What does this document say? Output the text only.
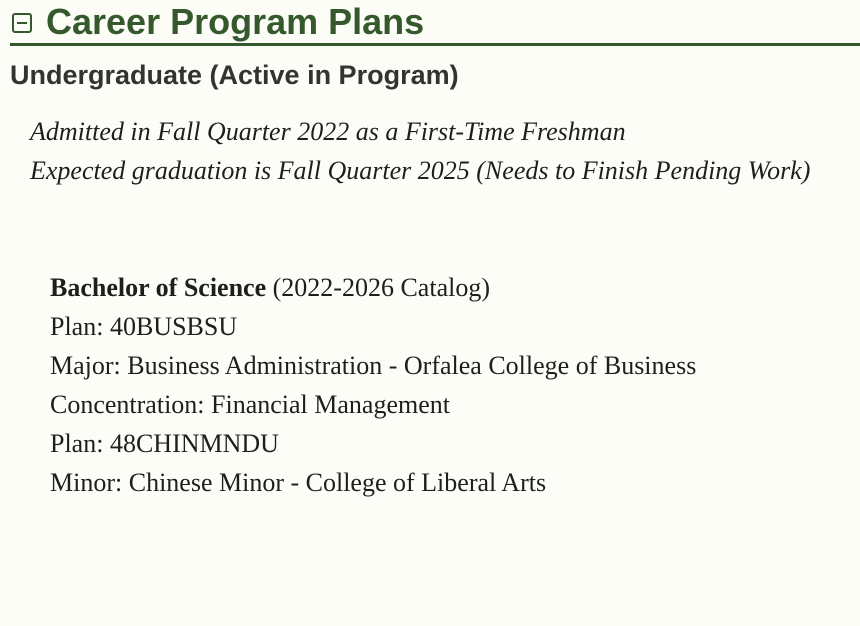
Career Program Plans
Undergraduate (Active in Program)
Admitted in Fall Quarter 2022 as a First-Time Freshman
Expected graduation is Fall Quarter 2025 (Needs to Finish Pending Work)
Bachelor of Science (2022-2026 Catalog)
Plan: 40BUSBSU
Major: Business Administration - Orfalea College of Business
Concentration: Financial Management
Plan: 48CHINMNDU
Minor: Chinese Minor - College of Liberal Arts
